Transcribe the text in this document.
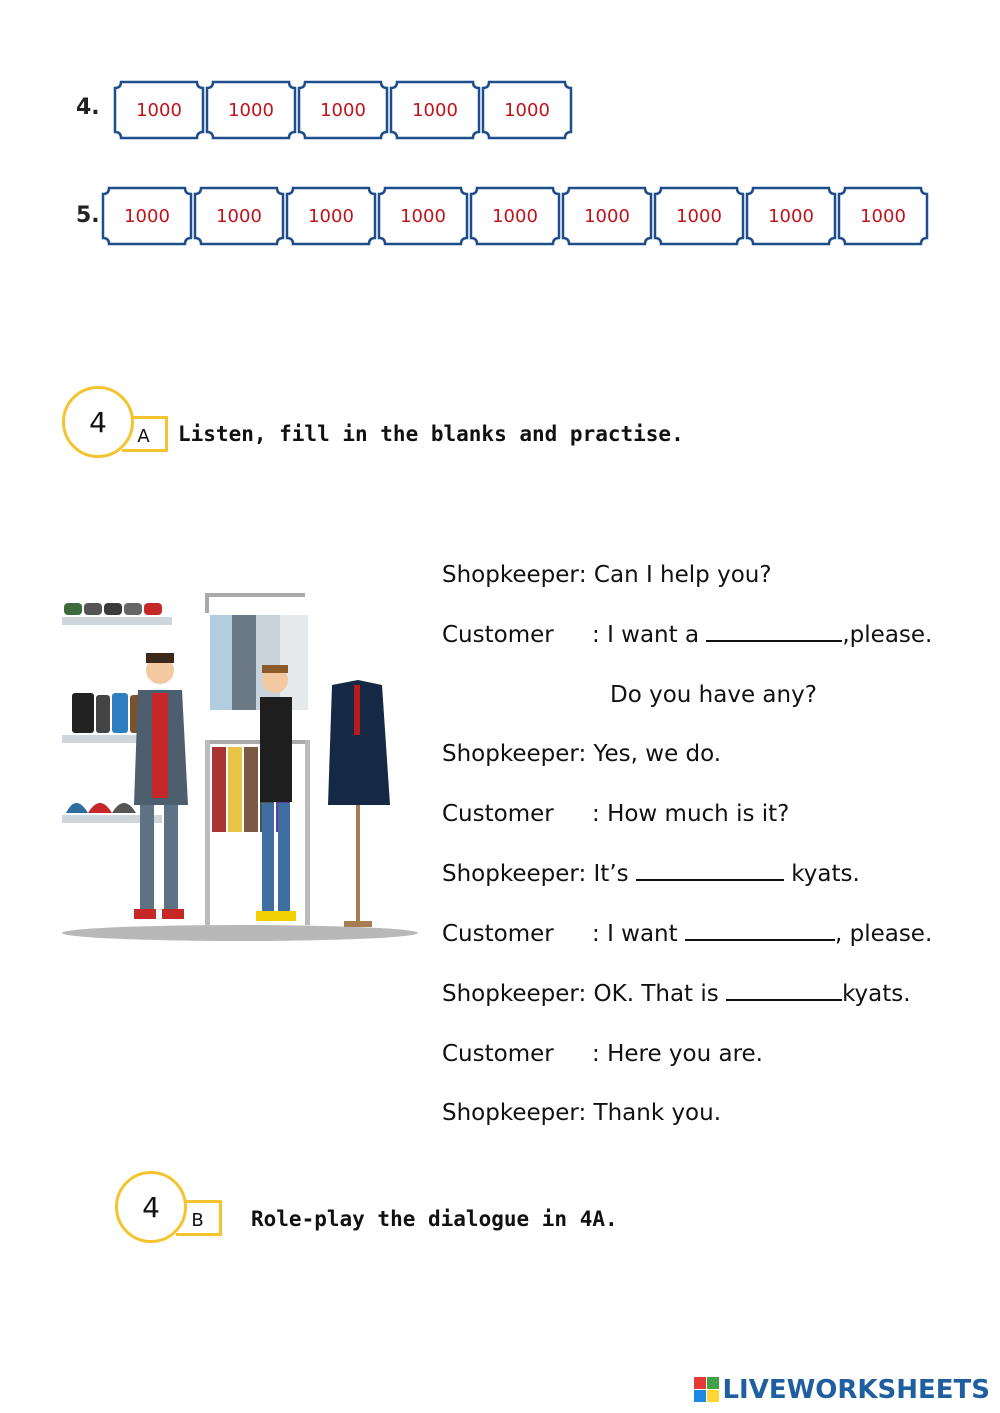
4. 1000	1000	1000	1000	1000
5. 1000	1000	1000	1000	1000	1000	1000	1000	1000
A
4	Listen, fill in the blanks and practise.
Shopkeeper: Can I help you?
Customer : I want a	,please.
Do you have any?
Shopkeeper: Yes, we do.
Customer : How much is it?
Shopkeeper: It’s	kyats.
Customer : I want	, please.
Shopkeeper: OK. That is	kyats.
Customer : Here you are.
Shopkeeper: Thank you.
B
4	Role-play the dialogue in 4A.
LIVEWORKSHEETS
